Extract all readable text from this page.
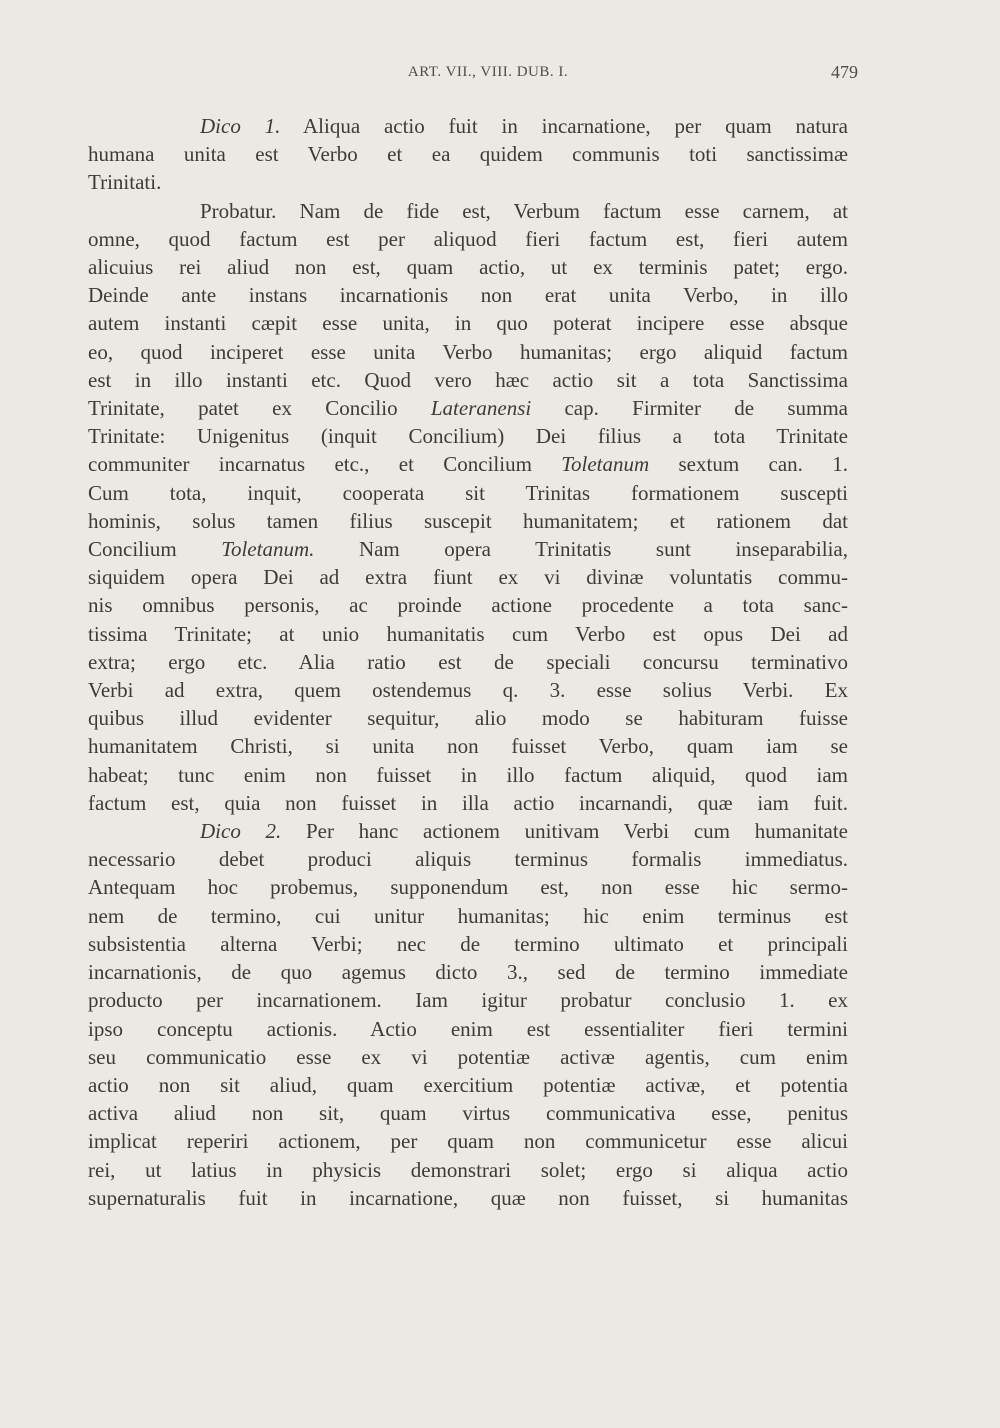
ART. VII., VIII. DUB. I.	479
Dico 1. Aliqua actio fuit in incarnatione, per quam natura
humana unita est Verbo et ea quidem communis toti sanctissimæ
Trinitati.
Probatur. Nam de fide est, Verbum factum esse carnem, at
omne, quod factum est per aliquod fieri factum est, fieri autem
alicuius rei aliud non est, quam actio, ut ex terminis patet; ergo.
Deinde ante instans incarnationis non erat unita Verbo, in illo
autem instanti cæpit esse unita, in quo poterat incipere esse absque
eo, quod inciperet esse unita Verbo humanitas; ergo aliquid factum
est in illo instanti etc. Quod vero hæc actio sit a tota Sanctissima
Trinitate, patet ex Concilio Lateranensi cap. Firmiter de summa
Trinitate: Unigenitus (inquit Concilium) Dei filius a tota Trinitate
communiter incarnatus etc., et Concilium Toletanum sextum can. 1.
Cum tota, inquit, cooperata sit Trinitas formationem suscepti
hominis, solus tamen filius suscepit humanitatem; et rationem dat
Concilium Toletanum. Nam opera Trinitatis sunt inseparabilia,
siquidem opera Dei ad extra fiunt ex vi divinæ voluntatis commu-
nis omnibus personis, ac proinde actione procedente a tota sanc-
tissima Trinitate; at unio humanitatis cum Verbo est opus Dei ad
extra; ergo etc. Alia ratio est de speciali concursu terminativo
Verbi ad extra, quem ostendemus q. 3. esse solius Verbi. Ex
quibus illud evidenter sequitur, alio modo se habituram fuisse
humanitatem Christi, si unita non fuisset Verbo, quam iam se
habeat; tunc enim non fuisset in illo factum aliquid, quod iam
factum est, quia non fuisset in illa actio incarnandi, quæ iam fuit.
Dico 2. Per hanc actionem unitivam Verbi cum humanitate
necessario debet produci aliquis terminus formalis immediatus.
Antequam hoc probemus, supponendum est, non esse hic sermo-
nem de termino, cui unitur humanitas; hic enim terminus est
subsistentia alterna Verbi; nec de termino ultimato et principali
incarnationis, de quo agemus dicto 3., sed de termino immediate
producto per incarnationem. Iam igitur probatur conclusio 1. ex
ipso conceptu actionis. Actio enim est essentialiter fieri termini
seu communicatio esse ex vi potentiæ activæ agentis, cum enim
actio non sit aliud, quam exercitium potentiæ activæ, et potentia
activa aliud non sit, quam virtus communicativa esse, penitus
implicat reperiri actionem, per quam non communicetur esse alicui
rei, ut latius in physicis demonstrari solet; ergo si aliqua actio
supernaturalis fuit in incarnatione, quæ non fuisset, si humanitas
